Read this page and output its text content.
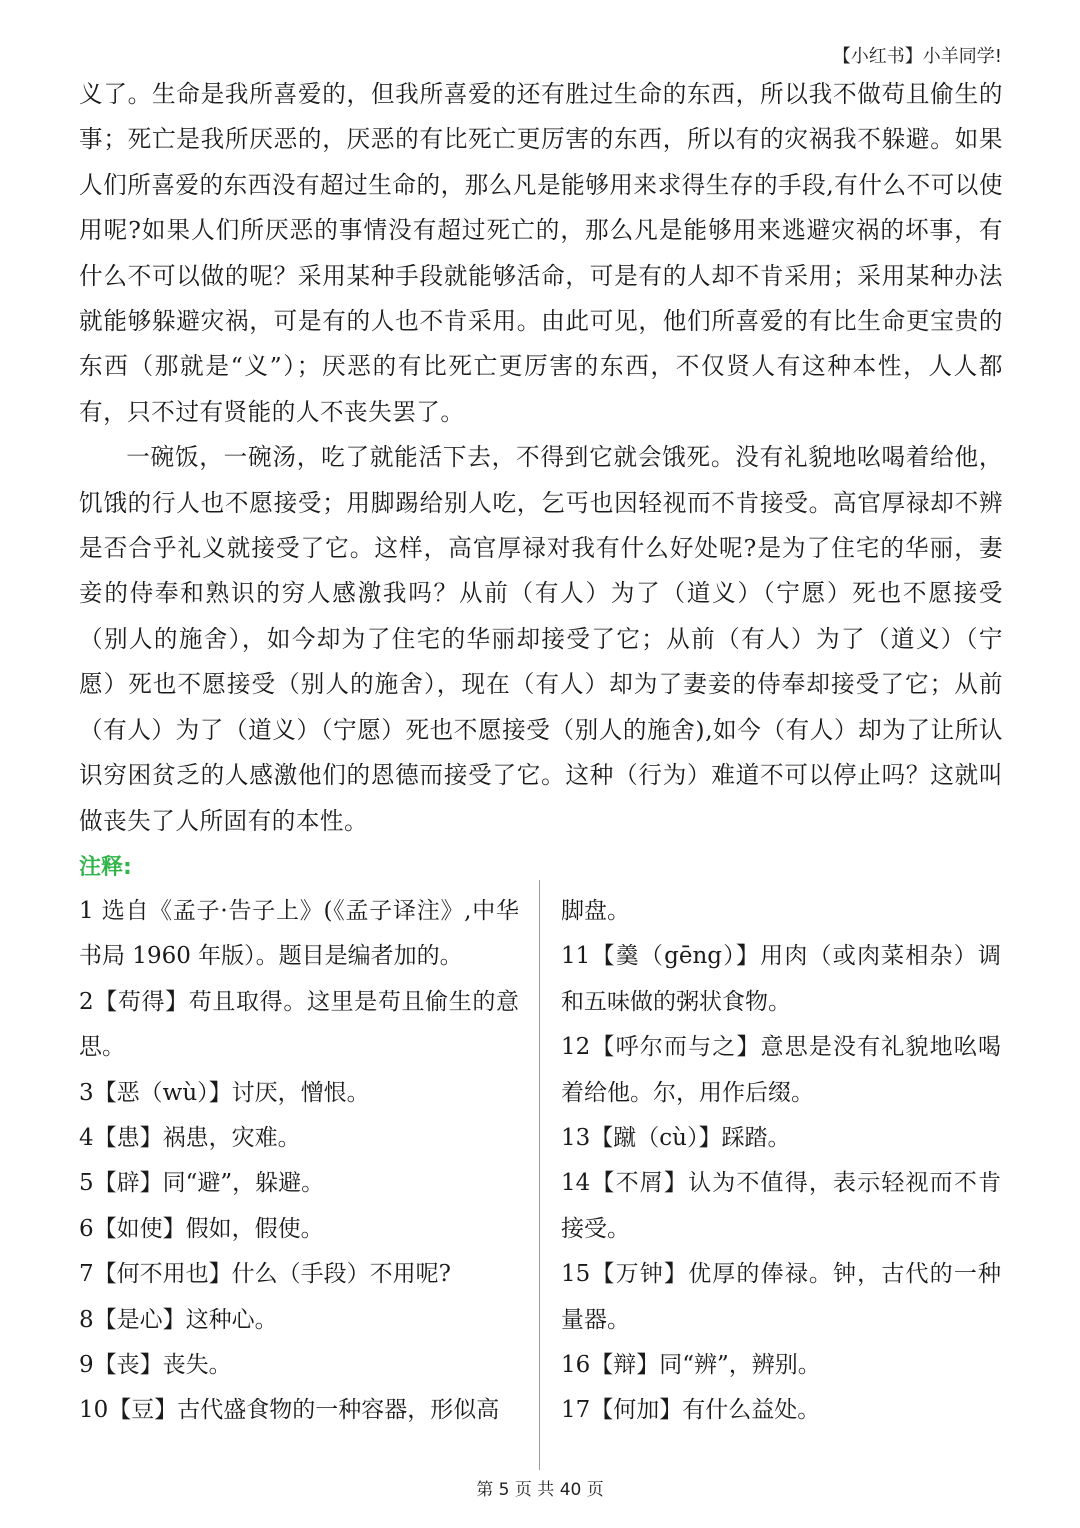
【小红书】小羊同学!

义了。生命是我所喜爱的，但我所喜爱的还有胜过生命的东西，所以我不做苟且偷生的事；死亡是我所厌恶的，厌恶的有比死亡更厉害的东西，所以有的灾祸我不躲避。如果人们所喜爱的东西没有超过生命的，那么凡是能够用来求得生存的手段,有什么不可以使用呢?如果人们所厌恶的事情没有超过死亡的，那么凡是能够用来逃避灾祸的坏事，有什么不可以做的呢？采用某种手段就能够活命，可是有的人却不肯采用；采用某种办法就能够躲避灾祸，可是有的人也不肯采用。由此可见，他们所喜爱的有比生命更宝贵的东西（那就是“义”）；厌恶的有比死亡更厉害的东西，不仅贤人有这种本性，人人都有，只不过有贤能的人不丧失罢了。

一碗饭，一碗汤，吃了就能活下去，不得到它就会饿死。没有礼貌地吆喝着给他，饥饿的行人也不愿接受；用脚踢给别人吃，乞丐也因轻视而不肯接受。高官厚禄却不辨是否合乎礼义就接受了它。这样，高官厚禄对我有什么好处呢?是为了住宅的华丽，妻妾的侍奉和熟识的穷人感激我吗？从前（有人）为了（道义）（宁愿）死也不愿接受（别人的施舍），如今却为了住宅的华丽却接受了它；从前（有人）为了（道义）（宁愿）死也不愿接受（别人的施舍），现在（有人）却为了妻妾的侍奉却接受了它；从前（有人）为了（道义）（宁愿）死也不愿接受（别人的施舍),如今（有人）却为了让所认识穷困贫乏的人感激他们的恩德而接受了它。这种（行为）难道不可以停止吗？这就叫做丧失了人所固有的本性。

注释:

1 选自《孟子·告子上》(《孟子译注》,中华书局 1960 年版）。题目是编者加的。

2【苟得】苟且取得。这里是苟且偷生的意思。

3【恶（wù）】讨厌，憎恨。

4【患】祸患，灾难。

5【辟】同“避”，躲避。

6【如使】假如，假使。

7【何不用也】什么（手段）不用呢?

8【是心】这种心。

9【丧】丧失。

10【豆】古代盛食物的一种容器，形似高

脚盘。

11【羹（gēng）】用肉（或肉菜相杂）调和五味做的粥状食物。

12【呼尔而与之】意思是没有礼貌地吆喝着给他。尔，用作后缀。

13【蹴（cù）】踩踏。

14【不屑】认为不值得，表示轻视而不肯接受。

15【万钟】优厚的俸禄。钟，古代的一种量器。

16【辩】同“辨”，辨别。

17【何加】有什么益处。

第 5 页 共 40 页
